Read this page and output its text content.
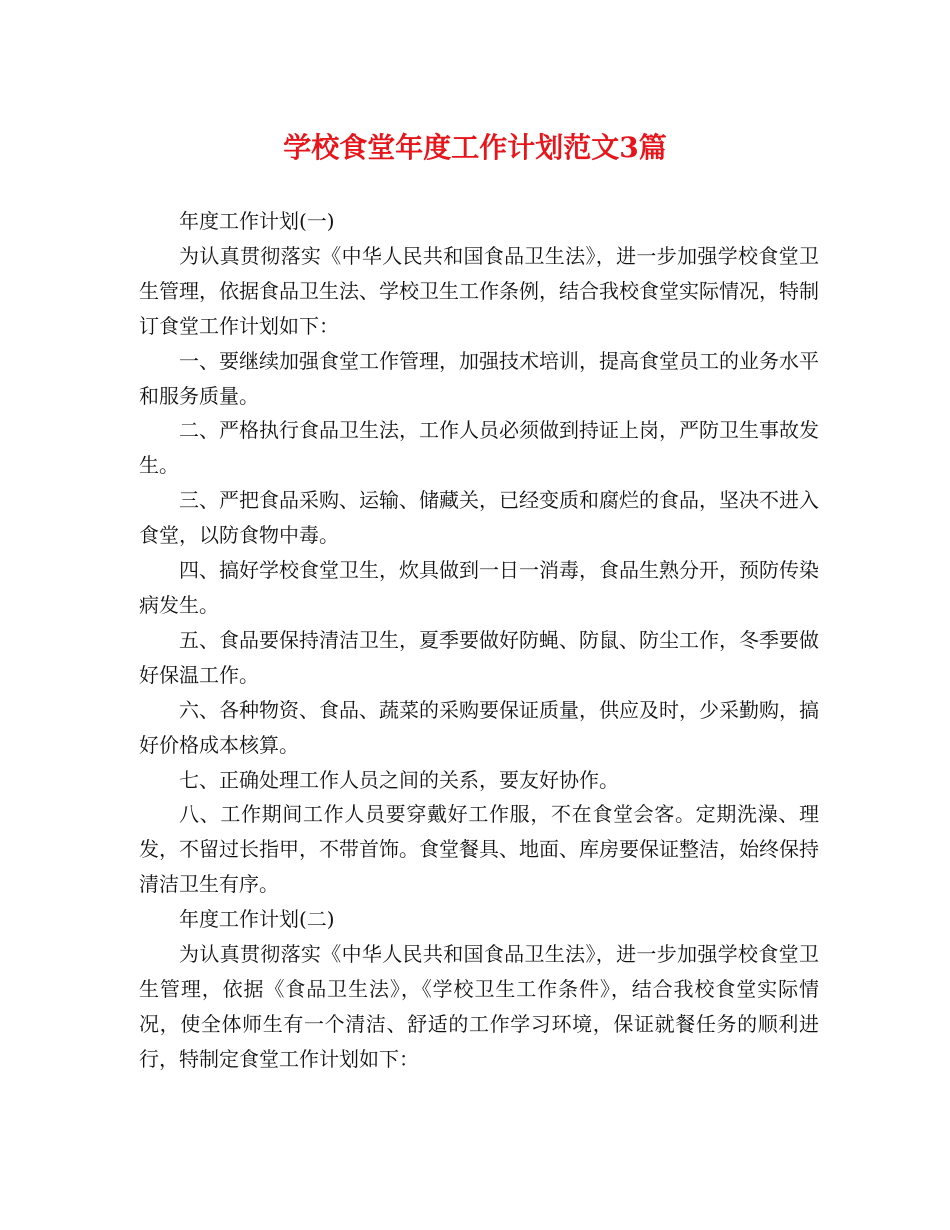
学校食堂年度工作计划范文3篇

年度工作计划(一)

为认真贯彻落实《中华人民共和国食品卫生法》，进一步加强学校食堂卫生管理，依据食品卫生法、学校卫生工作条例，结合我校食堂实际情况，特制订食堂工作计划如下：

一、要继续加强食堂工作管理，加强技术培训，提高食堂员工的业务水平和服务质量。

二、严格执行食品卫生法，工作人员必须做到持证上岗，严防卫生事故发生。

三、严把食品采购、运输、储藏关，已经变质和腐烂的食品，坚决不进入食堂，以防食物中毒。

四、搞好学校食堂卫生，炊具做到一日一消毒，食品生熟分开，预防传染病发生。

五、食品要保持清洁卫生，夏季要做好防蝇、防鼠、防尘工作，冬季要做好保温工作。

六、各种物资、食品、蔬菜的采购要保证质量，供应及时，少采勤购，搞好价格成本核算。

七、正确处理工作人员之间的关系，要友好协作。

八、工作期间工作人员要穿戴好工作服，不在食堂会客。定期洗澡、理发，不留过长指甲，不带首饰。食堂餐具、地面、库房要保证整洁，始终保持清洁卫生有序。

年度工作计划(二)

为认真贯彻落实《中华人民共和国食品卫生法》，进一步加强学校食堂卫生管理，依据《食品卫生法》，《学校卫生工作条件》，结合我校食堂实际情况，使全体师生有一个清洁、舒适的工作学习环境，保证就餐任务的顺利进行，特制定食堂工作计划如下：
